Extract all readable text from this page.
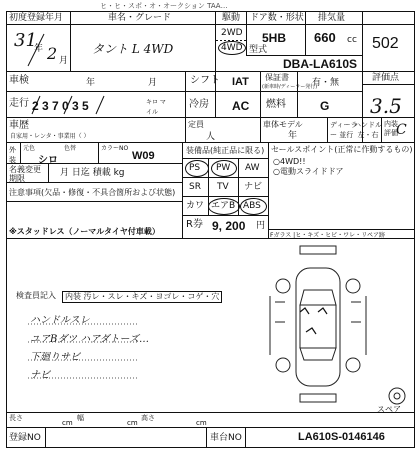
ヒ・ヒ・スポ・オ・オークション TAA…
初度登録年月	車名・グレード	駆動 ドア数・形状 排気量
31
年 2 月
タント L 4WD
2WD
4WD
5HB 660 cc 502
型式
DBA-LA610S
車検	年	月	シフト IAT 保証書
(新車時/ディーラー発行)
有・無	評価点
3.5
走行 2 3 7 0 3 5	キロ マイル
冷房 AC 燃料	G
車歴
自家用・レンタ・事業用（ ）
定員
人
車体モデル
年
ディーラー 並行
ハンドル 左・右
内装 評価
C
外装
元色	色替
シロ
カラーNO
W09	装備品(純正品に限る)
PS PW AW
SR TV ナビ
カワ エアB ABS
R券 9, 200 円
セールスポイント(正常に作動するもの)
○4WD!!
○電動スライドドア
Fガラス |ヒ・キズ・ヒビ・ワレ・リペア跡
名義変更 期限
月 日迄 積載 kg
注意事項(欠品・修復・不具合箇所および状態)
※スタッドレス（ノーマルタイヤ付車載）
検査員記入	内装 汚レ・スレ・キズ・ヨゴレ・コゲ・穴
ハンドルスレ
ユアBダツ ハアダトーズ…
下廻りサビ
ナビ
スペア
長さ
cm
幅
cm
高さ
cm
登録NO	車台NO	LA610S-0146146
